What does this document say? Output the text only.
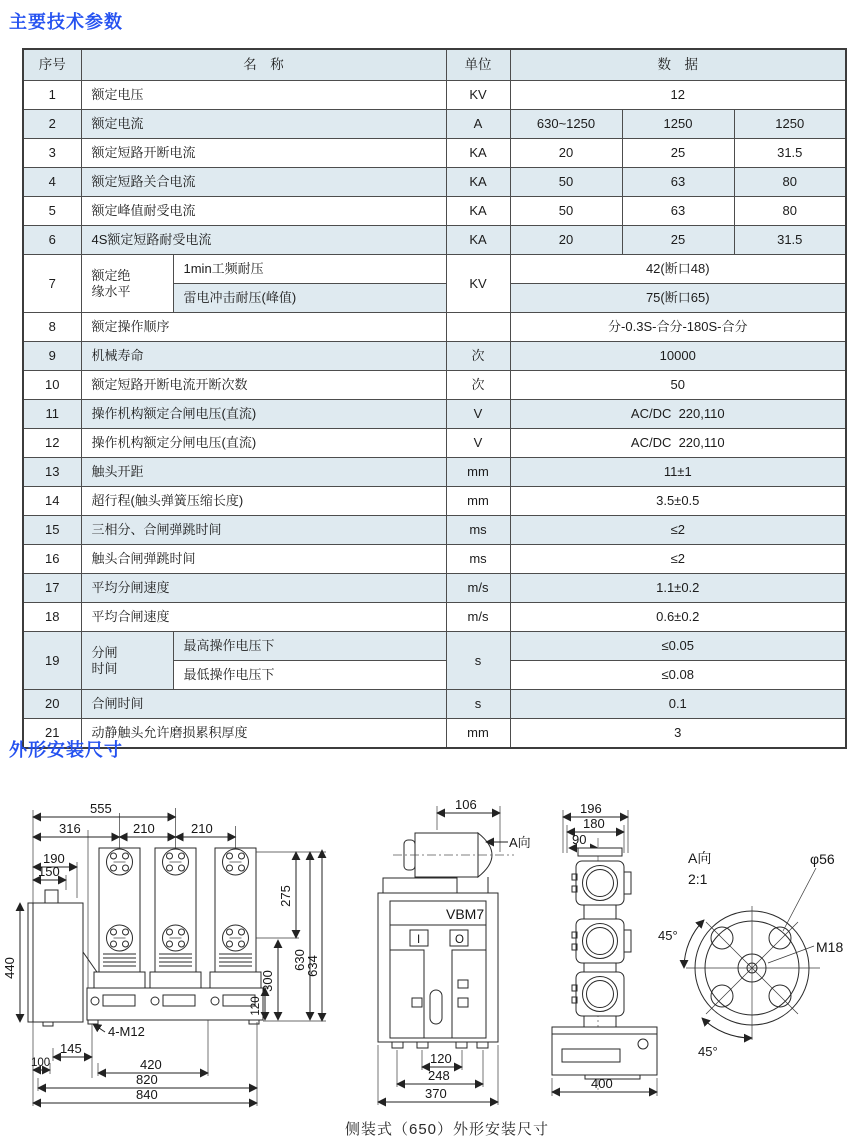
主要技术参数
序号	名　称		单位	数　据		
1	额定电压		KV	12		
2	额定电流		A	630~1250	1250	1250
3	额定短路开断电流		KA	20	25	31.5
4	额定短路关合电流		KA	50	63	80
5	额定峰值耐受电流		KA	50	63	80
6	4S额定短路耐受电流		KA	20	25	31.5
7	额定绝缘水平	1min工频耐压	KV	42(断口48)		
		雷电冲击耐压(峰值)		75(断口65)		
8	额定操作顺序			分-0.3S-合分-180S-合分		
9	机械寿命		次	10000		
10	额定短路开断电流开断次数		次	50		
11	操作机构额定合闸电压(直流)		V	AC/DC  220,110		
12	操作机构额定分闸电压(直流)		V	AC/DC  220,110		
13	触头开距		mm	11±1		
14	超行程(触头弹簧压缩长度)		mm	3.5±0.5		
15	三相分、合闸弹跳时间		ms	≤2		
16	触头合闸弹跳时间		ms	≤2		
17	平均分闸速度		m/s	1.1±0.2		
18	平均合闸速度		m/s	0.6±0.2		
19	分闸时间	最高操作电压下	s	≤0.05		
		最低操作电压下		≤0.08		
20	合闸时间		s	0.1		
21	动静触头允许磨损累积厚度		mm	3		
外形安装尺寸
555
316	210	210
190
150
440
120
300
275
630
634
4-M12
145
100	420
820
840
106
A向
VBM7
I	O
120
248
370
196
180
90
400
A向
2:1
φ56
M18
45°
45°
侧装式（650）外形安装尺寸
